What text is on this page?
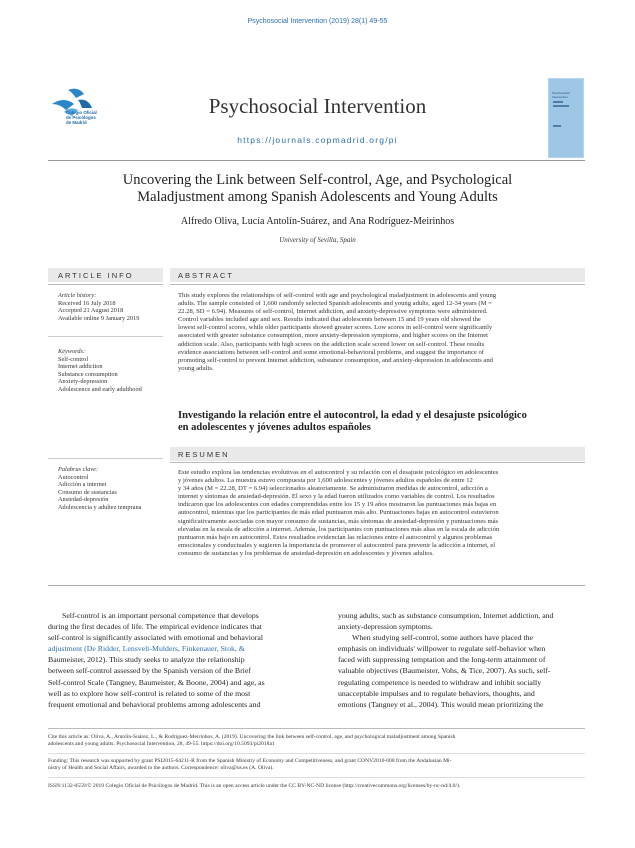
Psychosocial Intervention (2019) 28(1) 49-55
Colegio Oficial
de Psicólogos
de Madrid
Psychosocial Intervention
https://journals.copmadrid.org/pi
Psychosocial Intervention
Uncovering the Link between Self-control, Age, and Psychological
Maladjustment among Spanish Adolescents and Young Adults
Alfredo Oliva, Lucía Antolín-Suárez, and Ana Rodríguez-Meirinhos
University of Sevilla, Spain
ARTICLE INFO
Article history:
Received 16 July 2018
Accepted 21 August 2018
Available online 9 January 2019
Keywords:
Self-control
Internet addiction
Substance consumption
Anxiety-depression
Adolescence and early adulthood
Palabras clave:
Autocontrol
Adicción a internet
Consumo de sustancias
Ansiedad-depresión
Adolescencia y adultez temprana
ABSTRACT
This study explores the relationships of self-control with age and psychological maladjustment in adolescents and young
adults. The sample consisted of 1,600 randomly selected Spanish adolescents and young adults, aged 12-34 years (M =
22.28, SD = 6.94). Measures of self-control, Internet addiction, and anxiety-depressive symptoms were administered.
Control variables included age and sex. Results indicated that adolescents between 15 and 19 years old showed the
lowest self-control scores, while older participants showed greater scores. Low scores in self-control were significantly
associated with greater substance consumption, more anxiety-depression symptoms, and higher scores on the Internet
addiction scale. Also, participants with high scores on the addiction scale scored lower on self-control. These results
evidence associations between self-control and some emotional-behavioral problems, and suggest the importance of
promoting self-control to prevent Internet addiction, substance consumption, and anxiety-depression in adolescents and
young adults.
Investigando la relación entre el autocontrol, la edad y el desajuste psicológico
en adolescentes y jóvenes adultos españoles
RESUMEN
Este estudio explora las tendencias evolutivas en el autocontrol y su relación con el desajuste psicológico en adolescentes
y jóvenes adultos. La muestra estuvo compuesta por 1,600 adolescentes y jóvenes adultos españoles de entre 12
y 34 años (M = 22.28, DT = 6.94) seleccionados aleatoriamente. Se administraron medidas de autocontrol, adicción a
internet y síntomas de ansiedad-depresión. El sexo y la edad fueron utilizados como variables de control. Los resultados
indicaron que los adolescentes con edades comprendidas entre los 15 y 19 años mostraron las puntuaciones más bajas en
autocontrol, mientras que los participantes de más edad puntuaron más alto. Puntuaciones bajas en autocontrol estuvieron
significativamente asociadas con mayor consumo de sustancias, más síntomas de ansiedad-depresión y puntuaciones más
elevadas en la escala de adicción a internet. Además, los participantes con puntuaciones más altas en la escala de adicción
puntuaron más bajo en autocontrol. Estos resultados evidencian las relaciones entre el autocontrol y algunos problemas
emocionales y conductuales y sugieren la importancia de promover el autocontrol para prevenir la adicción a internet, el
consumo de sustancias y los problemas de ansiedad-depresión en adolescentes y jóvenes adultos.
Self-control is an important personal competence that develops
during the first decades of life. The empirical evidence indicates that
self-control is significantly associated with emotional and behavioral
adjustment (De Ridder, Lensvelt-Mulders, Finkenauer, Stok, &
Baumeister, 2012). This study seeks to analyze the relationship
between self-control assessed by the Spanish version of the Brief
Self-control Scale (Tangney, Baumeister, & Boone, 2004) and age, as
well as to explore how self-control is related to some of the most
frequent emotional and behavioral problems among adolescents and
young adults, such as substance consumption, Internet addiction, and
anxiety-depression symptoms.
When studying self-control, some authors have placed the
emphasis on individuals' willpower to regulate self-behavior when
faced with suppressing temptation and the long-term attainment of
valuable objectives (Baumeister, Vohs, & Tice, 2007). As such, self-
regulating competence is needed to withdraw and inhibit socially
unacceptable impulses and to regulate behaviors, thoughts, and
emotions (Tangney et al., 2004). This would mean prioritizing the
Cite this article as: Oliva, A., Antolín-Suárez, L., & Rodríguez-Meirinhos, A. (2019). Uncovering the link between self-control, age, and psychological maladjustment among Spanish
adolescents and young adults. Psychosocial Intervention, 28, 49-55. https://doi.org/10.5093/pi2018a1
Funding: This research was supported by grant PSI2015-64211-R from the Spanish Ministry of Economy and Competitiveness, and grant CONV2010-008 from the Andalusian Mi-
nistry of Health and Social Affairs, awarded to the authors. Correspondence: oliva@us.es (A. Oliva).
ISSN:1132-0559/© 2019 Colegio Oficial de Psicólogos de Madrid. This is an open access article under the CC BY-NC-ND license (http://creativecommons.org/licenses/by-nc-nd/4.0/).
